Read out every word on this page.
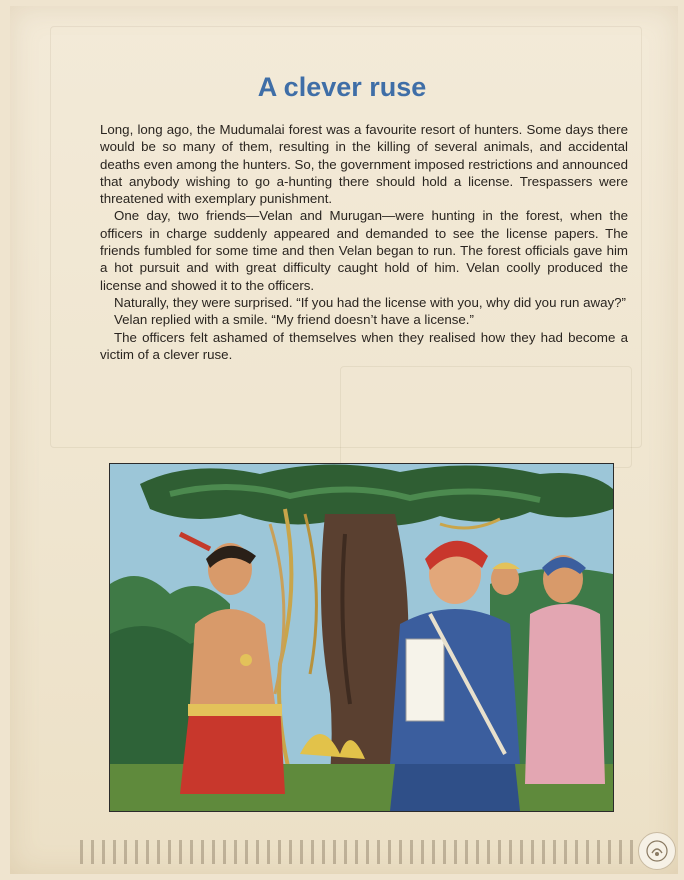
A clever ruse

Long, long ago, the Mudumalai forest was a favourite resort of hunters. Some days there would be so many of them, resulting in the killing of several animals, and accidental deaths even among the hunters. So, the government imposed restrictions and announced that anybody wishing to go a-hunting there should hold a license. Trespassers were threatened with exemplary punishment.

One day, two friends—Velan and Murugan—were hunting in the forest, when the officers in charge suddenly appeared and demanded to see the license papers. The friends fumbled for some time and then Velan began to run. The forest officials gave him a hot pursuit and with great difficulty caught hold of him. Velan coolly produced the license and showed it to the officers.

Naturally, they were surprised. “If you had the license with you, why did you run away?”

Velan replied with a smile. “My friend doesn’t have a license.”

The officers felt ashamed of themselves when they realised how they had become a victim of a clever ruse.
